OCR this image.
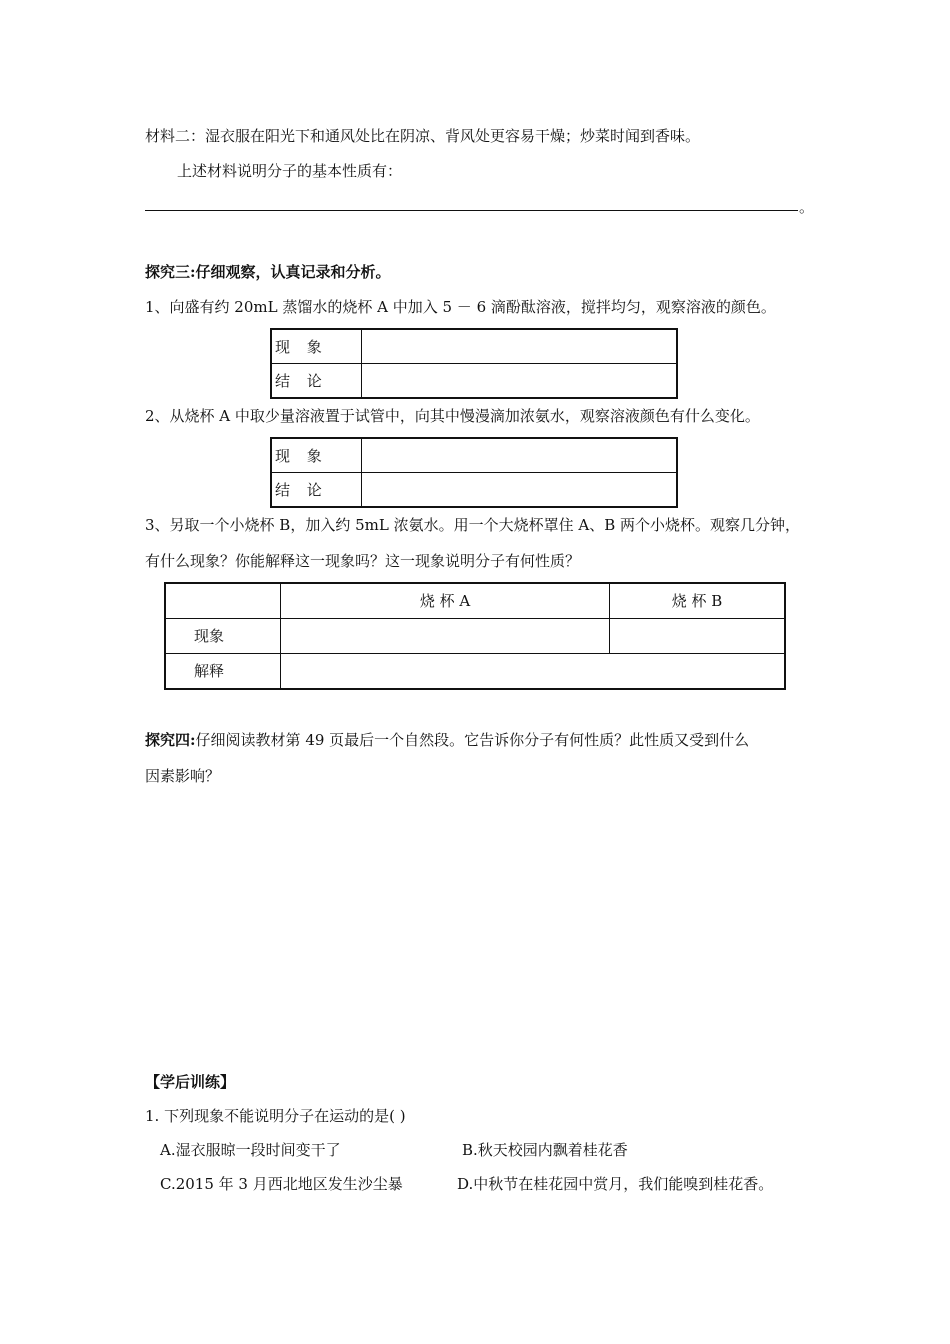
材料二：湿衣服在阳光下和通风处比在阴凉、背风处更容易干燥；炒菜时闻到香味。
上述材料说明分子的基本性质有：
。
探究三:仔细观察，认真记录和分析。
1、向盛有约 20mL 蒸馏水的烧杯 A 中加入 5 － 6 滴酚酞溶液，搅拌均匀，观察溶液的颜色。
现 象	
结 论	
2、从烧杯 A 中取少量溶液置于试管中，向其中慢漫滴加浓氨水，观察溶液颜色有什么变化。
现 象	
结 论	
3、另取一个小烧杯 B，加入约 5mL 浓氨水。用一个大烧杯罩住 A、B 两个小烧杯。观察几分钟，
有什么现象？你能解释这一现象吗？这一现象说明分子有何性质？
	烧 杯 A	烧 杯 B
现象		
解释		
探究四:仔细阅读教材第 49 页最后一个自然段。它告诉你分子有何性质？此性质又受到什么
因素影响？
【学后训练】
1. 下列现象不能说明分子在运动的是( )
A.湿衣服晾一段时间变干了	B.秋天校园内飘着桂花香
C.2015 年 3 月西北地区发生沙尘暴	D.中秋节在桂花园中赏月，我们能嗅到桂花香。
